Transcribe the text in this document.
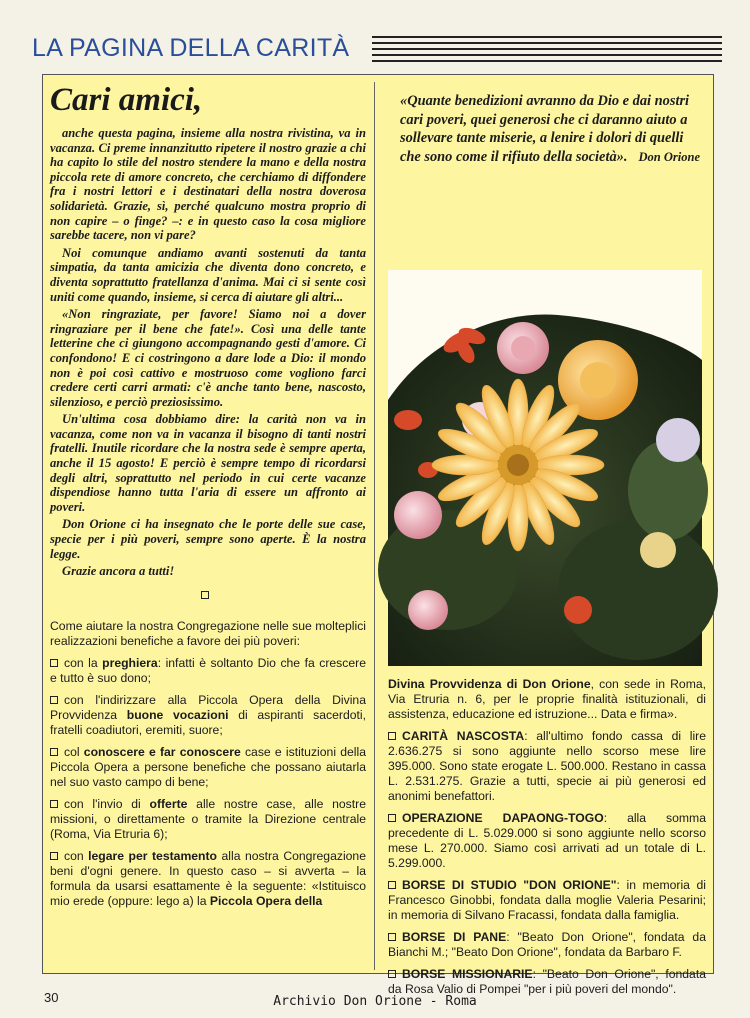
LA PAGINA DELLA CARITÀ
Cari amici,

anche questa pagina, insieme alla nostra rivistina, va in vacanza. Ci preme innanzitutto ripetere il nostro grazie a chi ha capito lo stile del nostro stendere la mano e della nostra piccola rete di amore concreto, che cerchiamo di diffondere fra i nostri lettori e i destinatari della nostra doverosa solidarietà. Grazie, sì, perché qualcuno mostra proprio di non capire – o finge? –: e in questo caso la cosa migliore sarebbe tacere, non vi pare?

Noi comunque andiamo avanti sostenuti da tanta simpatia, da tanta amicizia che diventa dono concreto, e diventa soprattutto fratellanza d'anima. Mai ci si sente così uniti come quando, insieme, si cerca di aiutare gli altri...

«Non ringraziate, per favore! Siamo noi a dover ringraziare per il bene che fate!». Così una delle tante letterine che ci giungono accompagnando gesti d'amore. Ci confondono! E ci costringono a dare lode a Dio: il mondo non è poi così cattivo e mostruoso come vogliono farci credere certi carri armati: c'è anche tanto bene, nascosto, silenzioso, e perciò preziosissimo.

Un'ultima cosa dobbiamo dire: la carità non va in vacanza, come non va in vacanza il bisogno di tanti nostri fratelli. Inutile ricordare che la nostra sede è sempre aperta, anche il 15 agosto! E perciò è sempre tempo di ricordarsi degli altri, soprattutto nel periodo in cui certe vacanze dispendiose hanno tutta l'aria di essere un affronto ai poveri.

Don Orione ci ha insegnato che le porte delle sue case, specie per i più poveri, sempre sono aperte. È la nostra legge.

Grazie ancora a tutti!

Come aiutare la nostra Congregazione nelle sue molteplici realizzazioni benefiche a favore dei più poveri:

con la preghiera: infatti è soltanto Dio che fa crescere e tutto è suo dono;

con l'indirizzare alla Piccola Opera della Divina Provvidenza buone vocazioni di aspiranti sacerdoti, fratelli coadiutori, eremiti, suore;

col conoscere e far conoscere case e istituzioni della Piccola Opera a persone benefiche che possano aiutarla nel suo vasto campo di bene;

con l'invio di offerte alle nostre case, alle nostre missioni, o direttamente o tramite la Direzione centrale (Roma, Via Etruria 6);

con legare per testamento alla nostra Congregazione beni d'ogni genere. In questo caso – si avverta – la formula da usarsi esattamente è la seguente: «Istituisco mio erede (oppure: lego a) la Piccola Opera della

«Quante benedizioni avranno da Dio e dai nostri cari poveri, quei generosi che ci daranno aiuto a sollevare tante miserie, a lenire i dolori di quelli che sono come il rifiuto della società». Don Orione

Divina Provvidenza di Don Orione, con sede in Roma, Via Etruria n. 6, per le proprie finalità istituzionali, di assistenza, educazione ed istruzione... Data e firma».

CARITÀ NASCOSTA: all'ultimo fondo cassa di lire 2.636.275 si sono aggiunte nello scorso mese lire 395.000. Sono state erogate L. 500.000. Restano in cassa L. 2.531.275. Grazie a tutti, specie ai più generosi ed anonimi benefattori.

OPERAZIONE DAPAONG-TOGO: alla somma precedente di L. 5.029.000 si sono aggiunte nello scorso mese L. 270.000. Siamo così arrivati ad un totale di L. 5.299.000.

BORSE DI STUDIO "DON ORIONE": in memoria di Francesco Ginobbi, fondata dalla moglie Valeria Pesarini; in memoria di Silvano Fracassi, fondata dalla famiglia.

BORSE DI PANE: "Beato Don Orione", fondata da Bianchi M.; "Beato Don Orione", fondata da Barbaro F.

BORSE MISSIONARIE: "Beato Don Orione", fondata da Rosa Valio di Pompei "per i più poveri del mondo".

30	Archivio Don Orione - Roma
